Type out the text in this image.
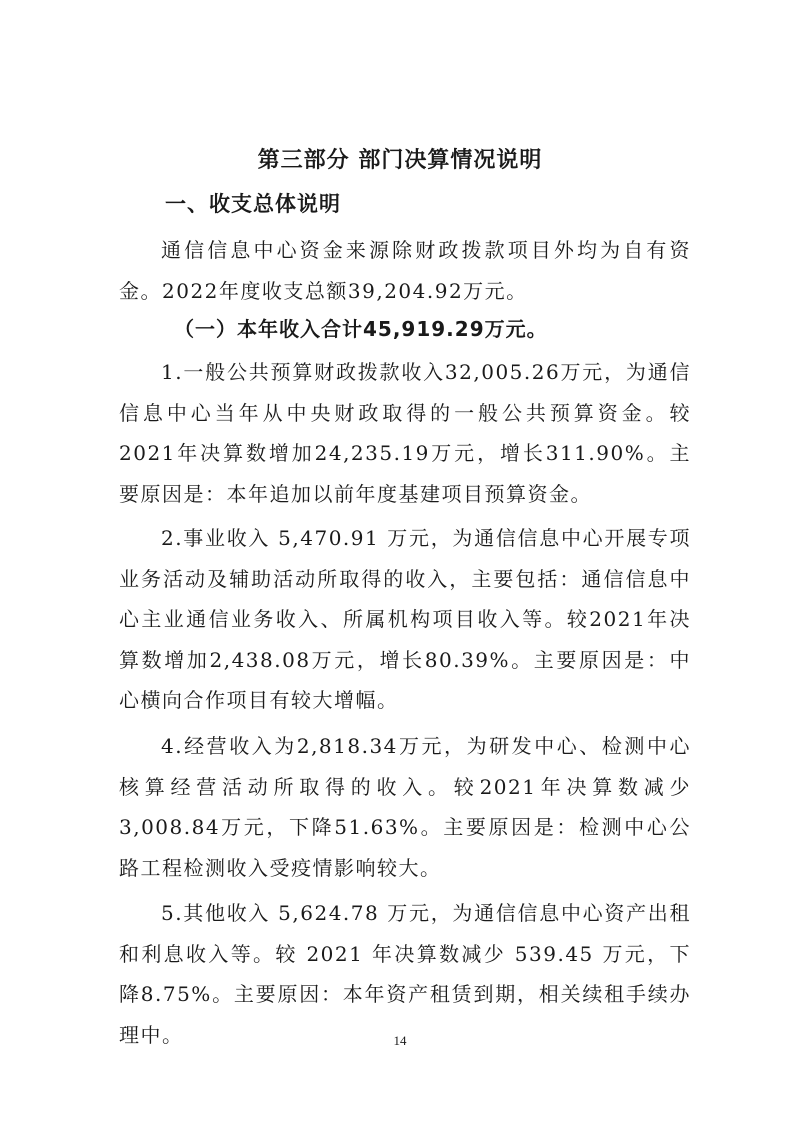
第三部分 部门决算情况说明
一、收支总体说明

通信信息中心资金来源除财政拨款项目外均为自有资金。2022年度收支总额39,204.92万元。

（一）本年收入合计45,919.29万元。

1.一般公共预算财政拨款收入32,005.26万元，为通信信息中心当年从中央财政取得的一般公共预算资金。较2021年决算数增加24,235.19万元，增长311.90%。主要原因是：本年追加以前年度基建项目预算资金。

2.事业收入 5,470.91 万元，为通信信息中心开展专项业务活动及辅助活动所取得的收入，主要包括：通信信息中心主业通信业务收入、所属机构项目收入等。较2021年决算数增加2,438.08万元，增长80.39%。主要原因是：中心横向合作项目有较大增幅。

4.经营收入为2,818.34万元，为研发中心、检测中心核算经营活动所取得的收入。较2021年决算数减少3,008.84万元，下降51.63%。主要原因是：检测中心公路工程检测收入受疫情影响较大。

5.其他收入 5,624.78 万元，为通信信息中心资产出租和利息收入等。较 2021 年决算数减少 539.45 万元，下降8.75%。主要原因：本年资产租赁到期，相关续租手续办理中。	14
